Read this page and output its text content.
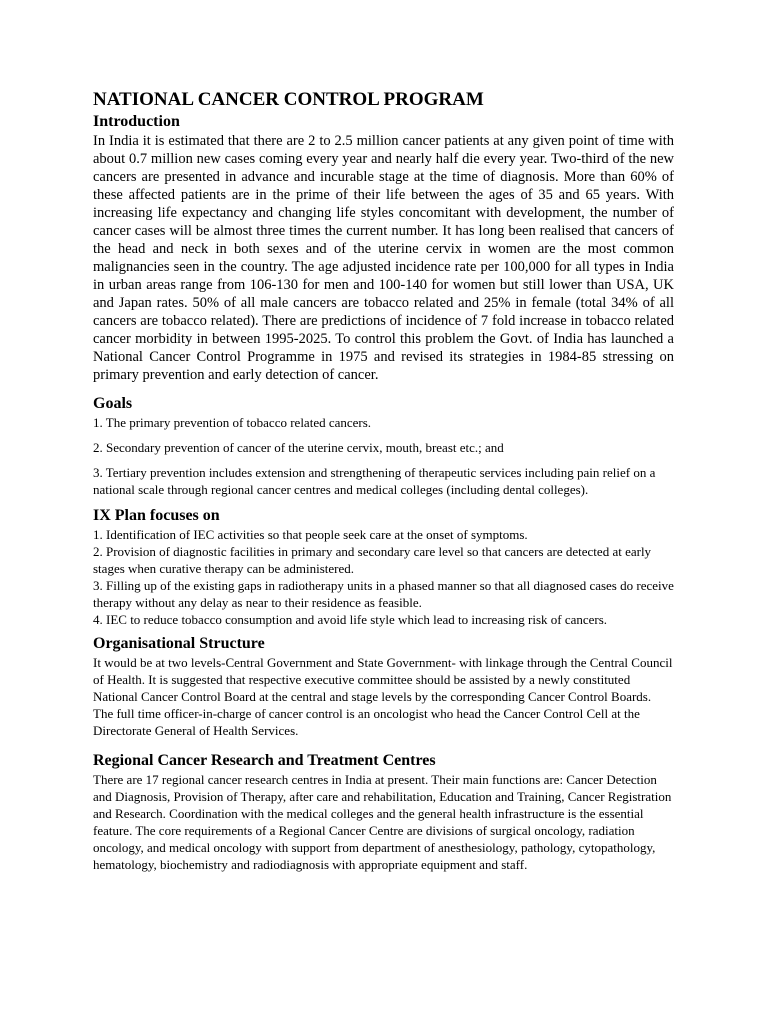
NATIONAL CANCER CONTROL PROGRAM
Introduction

In India it is estimated that there are 2 to 2.5 million cancer patients at any given point of time with about 0.7 million new cases coming every year and nearly half die every year. Two-third of the new cancers are presented in advance and incurable stage at the time of diagnosis. More than 60% of these affected patients are in the prime of their life between the ages of 35 and 65 years. With increasing life expectancy and changing life styles concomitant with development, the number of cancer cases will be almost three times the current number. It has long been realised that cancers of the head and neck in both sexes and of the uterine cervix in women are the most common malignancies seen in the country. The age adjusted incidence rate per 100,000 for all types in India in urban areas range from 106-130 for men and 100-140 for women but still lower than USA, UK and Japan rates. 50% of all male cancers are tobacco related and 25% in female (total 34% of all cancers are tobacco related). There are predictions of incidence of 7 fold increase in tobacco related cancer morbidity in between 1995-2025. To control this problem the Govt. of India has launched a National Cancer Control Programme in 1975 and revised its strategies in 1984-85 stressing on primary prevention and early detection of cancer.

Goals

1. The primary prevention of tobacco related cancers.

2. Secondary prevention of cancer of the uterine cervix, mouth, breast etc.; and

3. Tertiary prevention includes extension and strengthening of therapeutic services including pain relief on a national scale through regional cancer centres and medical colleges (including dental colleges).

IX Plan focuses on

1. Identification of IEC activities so that people seek care at the onset of symptoms.

2. Provision of diagnostic facilities in primary and secondary care level so that cancers are detected at early stages when curative therapy can be administered.

3. Filling up of the existing gaps in radiotherapy units in a phased manner so that all diagnosed cases do receive therapy without any delay as near to their residence as feasible.

4. IEC to reduce tobacco consumption and avoid life style which lead to increasing risk of cancers.

Organisational Structure

It would be at two levels-Central Government and State Government- with linkage through the Central Council of Health. It is suggested that respective executive committee should be assisted by a newly constituted National Cancer Control Board at the central and stage levels by the corresponding Cancer Control Boards. The full time officer-in-charge of cancer control is an oncologist who head the Cancer Control Cell at the Directorate General of Health Services.

Regional Cancer Research and Treatment Centres

There are 17 regional cancer research centres in India at present. Their main functions are: Cancer Detection and Diagnosis, Provision of Therapy, after care and rehabilitation, Education and Training, Cancer Registration and Research. Coordination with the medical colleges and the general health infrastructure is the essential feature. The core requirements of a Regional Cancer Centre are divisions of surgical oncology, radiation oncology, and medical oncology with support from department of anesthesiology, pathology, cytopathology, hematology, biochemistry and radiodiagnosis with appropriate equipment and staff.
